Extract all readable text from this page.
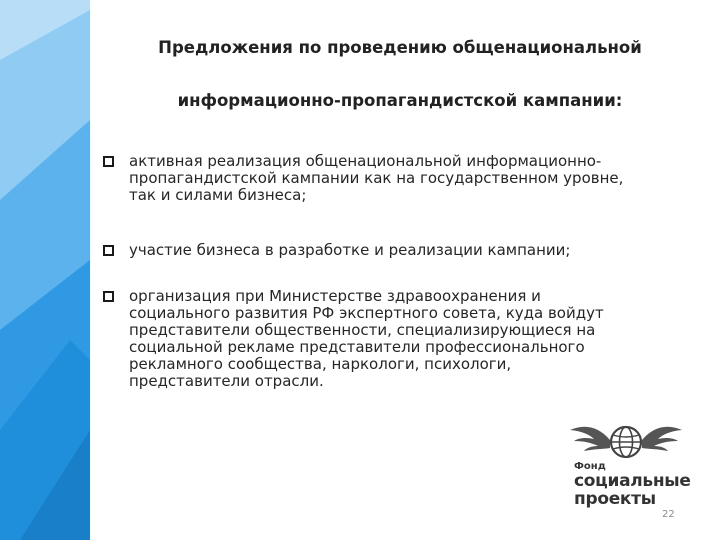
Предложения по проведению общенациональной
информационно-пропагандистской кампании:
активная реализация общенациональной информационно-
пропагандистской кампании как на государственном уровне,
так и силами бизнеса;
участие бизнеса в разработке и реализации кампании;
организация при Министерстве здравоохранения и
социального развития РФ экспертного совета, куда войдут
представители общественности, специализирующиеся на
социальной рекламе представители профессионального
рекламного сообщества, наркологи, психологи,
представители отрасли.
Фонд
социальные
проекты
22
